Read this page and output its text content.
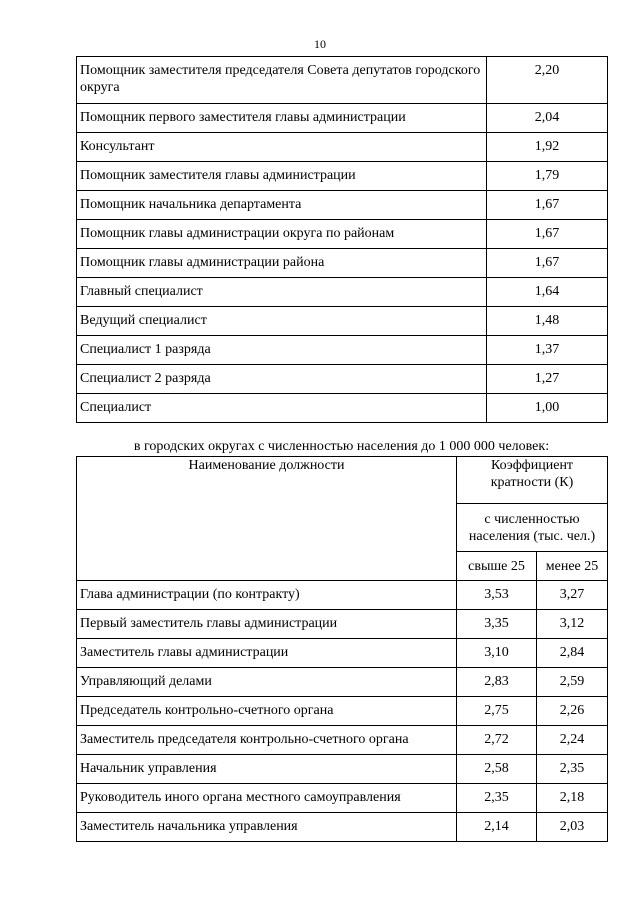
10
Помощник заместителя председателя Совета депутатов городского округа	2,20
Помощник первого заместителя главы администрации	2,04
Консультант	1,92
Помощник заместителя главы администрации	1,79
Помощник начальника департамента	1,67
Помощник главы администрации округа по районам	1,67
Помощник главы администрации района	1,67
Главный специалист	1,64
Ведущий специалист	1,48
Специалист 1 разряда	1,37
Специалист 2 разряда	1,27
Специалист	1,00
в городских округах с численностью населения до 1 000 000 человек:
Наименование должности	Коэффициент кратности (К)	
	с численностью населения (тыс. чел.)	
	свыше 25	менее 25
Глава администрации (по контракту)	3,53	3,27
Первый заместитель главы администрации	3,35	3,12
Заместитель главы администрации	3,10	2,84
Управляющий делами	2,83	2,59
Председатель контрольно-счетного органа	2,75	2,26
Заместитель председателя контрольно-счетного органа	2,72	2,24
Начальник управления	2,58	2,35
Руководитель иного органа местного самоуправления	2,35	2,18
Заместитель начальника управления	2,14	2,03
